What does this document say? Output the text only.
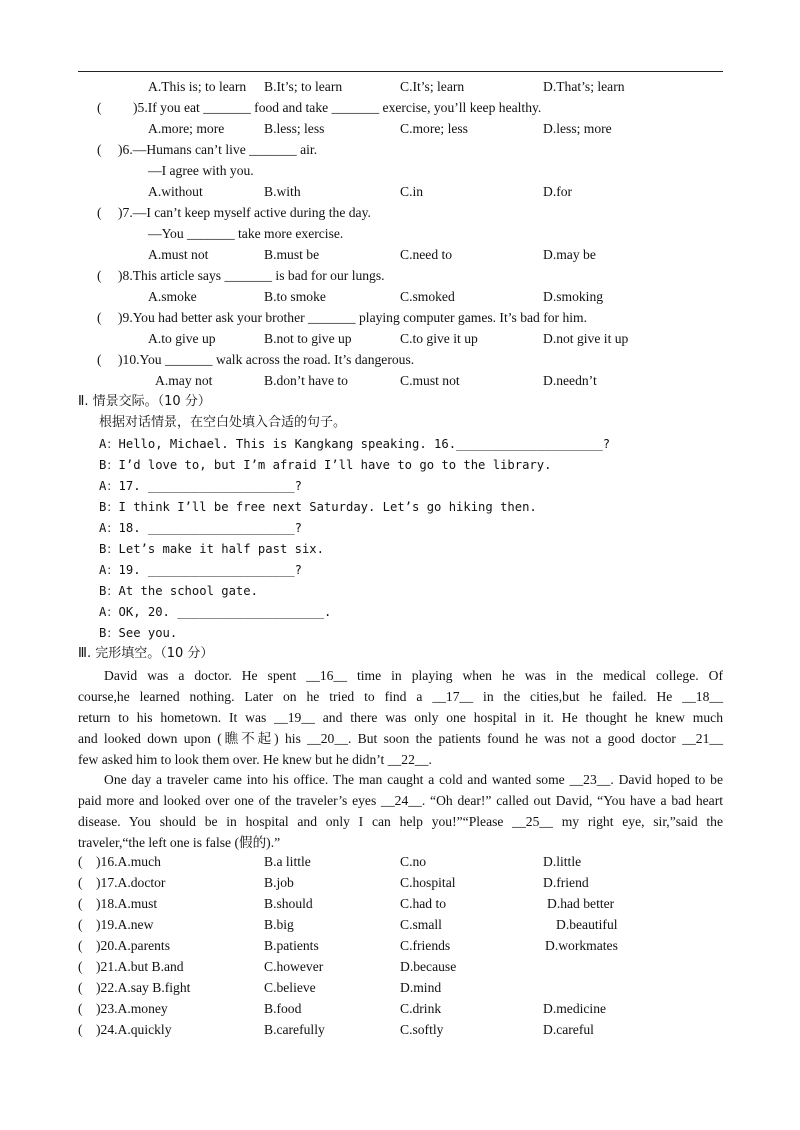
A.This is; to learn B.It’s; to learn	C.It’s; learn	D.That’s; learn
( )5.If you eat _______ food and take _______ exercise, you’ll keep healthy.
A.more; more	B.less; less	C.more; less	D.less; more
( )6.—Humans can’t live _______ air.
—I agree with you.
A.without	B.with	C.in	D.for
( )7.—I can’t keep myself active during the day.
—You _______ take more exercise.
A.must not	B.must be	C.need to	D.may be
( )8.This article says _______ is bad for our lungs.
A.smoke	B.to smoke	C.smoked	D.smoking
( )9.You had better ask your brother _______ playing computer games. It’s bad for him.
A.to give up	B.not to give up	C.to give it up	D.not give it up
( )10.You _______ walk across the road. It’s dangerous.
A.may not	B.don’t have to	C.must not	D.needn’t
Ⅱ. 情景交际。（10 分）
根据对话情景，在空白处填入合适的句子。
A：Hello, Michael. This is Kangkang speaking. 16.____________________?
B：I’d love to, but I’m afraid I’ll have to go to the library.
A：17. ____________________?
B：I think I’ll be free next Saturday. Let’s go hiking then.
A：18. ____________________?
B：Let’s make it half past six.
A：19. ____________________?
B：At the school gate.
A：OK, 20. ____________________.
B：See you.
Ⅲ. 完形填空。（10 分）
David was a doctor. He spent __16__ time in playing when he was in the medical college. Of
course,he learned nothing. Later on he tried to find a __17__ in the cities,but he failed. He __18__
return to his hometown. It was __19__ and there was only one hospital in it. He thought he knew much
and looked down upon (瞧不起) his __20__. But soon the patients found he was not a good doctor __21__
few asked him to look them over. He knew but he didn’t __22__.
One day a traveler came into his office. The man caught a cold and wanted some __23__. David hoped to be
paid more and looked over one of the traveler’s eyes __24__. “Oh dear!” called out David, “You have a bad heart
disease. You should be in hospital and only I can help you!”“Please __25__ my right eye, sir,”said the
traveler,“the left one is false (假的).”
( )16.A.much	B.a little	C.no	D.little
( )17.A.doctor	B.job	C.hospital	D.friend
( )18.A.must	B.should	C.had to	D.had better
( )19.A.new	B.big	C.small	D.beautiful
( )20.A.parents	B.patients	C.friends	D.workmates
( )21.A.but B.and	C.however	D.because
( )22.A.say B.fight	C.believe	D.mind
( )23.A.money	B.food	C.drink	D.medicine
( )24.A.quickly	B.carefully	C.softly	D.careful
